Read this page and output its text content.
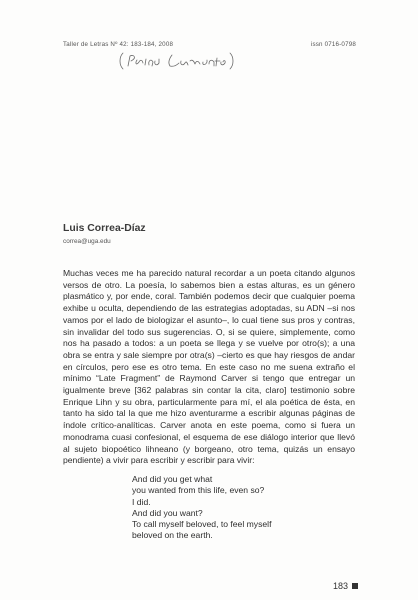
Taller de Letras Nº 42: 183-184, 2008	issn 0716-0798

Luis Correa-Díaz

correa@uga.edu

Muchas veces me ha parecido natural recordar a un poeta citando algunos versos de otro. La poesía, lo sabemos bien a estas alturas, es un género plasmático y, por ende, coral. También podemos decir que cualquier poema exhibe u oculta, dependiendo de las estrategias adoptadas, su ADN –si nos vamos por el lado de biologizar el asunto–, lo cual tiene sus pros y contras, sin invalidar del todo sus sugerencias. O, si se quiere, simplemente, como nos ha pasado a todos: a un poeta se llega y se vuelve por otro(s); a una obra se entra y sale siempre por otra(s) –cierto es que hay riesgos de andar en círculos, pero ese es otro tema. En este caso no me suena extraño el mínimo “Late Fragment” de Raymond Carver si tengo que entregar un igualmente breve [362 palabras sin contar la cita, claro] testimonio sobre Enrique Lihn y su obra, particularmente para mí, el ala poética de ésta, en tanto ha sido tal la que me hizo aventurarme a escribir algunas páginas de índole crítico-analíticas. Carver anota en este poema, como si fuera un monodrama cuasi confesional, el esquema de ese diálogo interior que llevó al sujeto biopoético lihneano (y borgeano, otro tema, quizás un ensayo pendiente) a vivir para escribir y escribir para vivir:

And did you get what
you wanted from this life, even so?
I did.
And did you want?
To call myself beloved, to feel myself
beloved on the earth.
183
